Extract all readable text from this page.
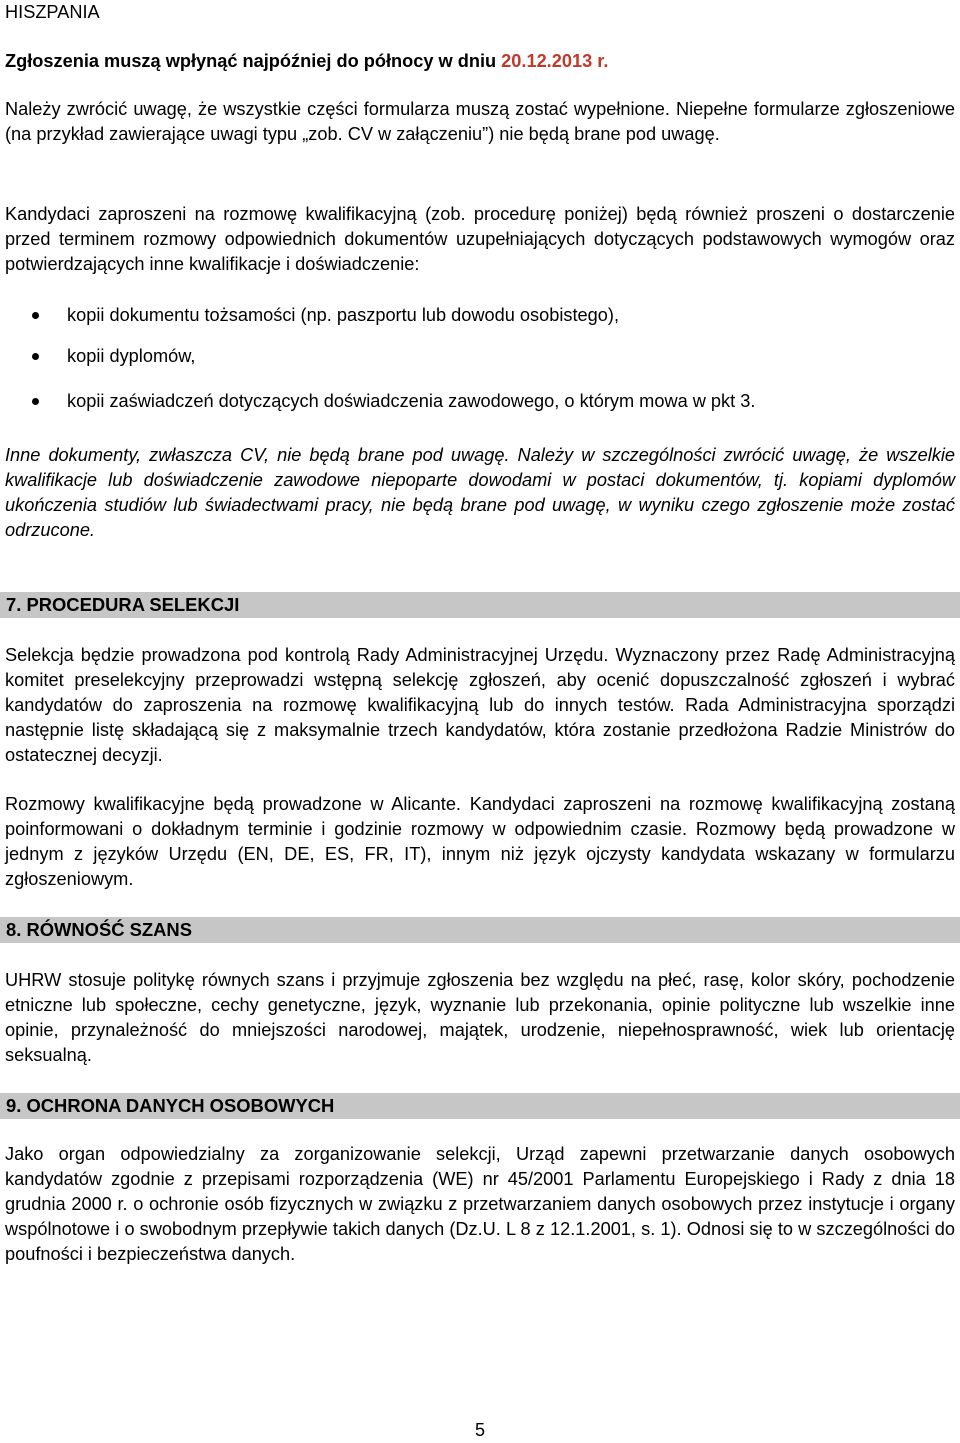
HISZPANIA
Zgłoszenia muszą wpłynąć najpóźniej do północy w dniu 20.12.2013 r.

Należy zwrócić uwagę, że wszystkie części formularza muszą zostać wypełnione. Niepełne formularze zgłoszeniowe (na przykład zawierające uwagi typu „zob. CV w załączeniu”) nie będą brane pod uwagę.

Kandydaci zaproszeni na rozmowę kwalifikacyjną (zob. procedurę poniżej) będą również proszeni o dostarczenie przed terminem rozmowy odpowiednich dokumentów uzupełniających dotyczących podstawowych wymogów oraz potwierdzających inne kwalifikacje i doświadczenie:

kopii dokumentu tożsamości (np. paszportu lub dowodu osobistego),
kopii dyplomów,
kopii zaświadczeń dotyczących doświadczenia zawodowego, o którym mowa w pkt 3.

Inne dokumenty, zwłaszcza CV, nie będą brane pod uwagę. Należy w szczególności zwrócić uwagę, że wszelkie kwalifikacje lub doświadczenie zawodowe niepoparte dowodami w postaci dokumentów, tj. kopiami dyplomów ukończenia studiów lub świadectwami pracy, nie będą brane pod uwagę, w wyniku czego zgłoszenie może zostać odrzucone.

7. PROCEDURA SELEKCJI

Selekcja będzie prowadzona pod kontrolą Rady Administracyjnej Urzędu. Wyznaczony przez Radę Administracyjną komitet preselekcyjny przeprowadzi wstępną selekcję zgłoszeń, aby ocenić dopuszczalność zgłoszeń i wybrać kandydatów do zaproszenia na rozmowę kwalifikacyjną lub do innych testów. Rada Administracyjna sporządzi następnie listę składającą się z maksymalnie trzech kandydatów, która zostanie przedłożona Radzie Ministrów do ostatecznej decyzji.

Rozmowy kwalifikacyjne będą prowadzone w Alicante. Kandydaci zaproszeni na rozmowę kwalifikacyjną zostaną poinformowani o dokładnym terminie i godzinie rozmowy w odpowiednim czasie. Rozmowy będą prowadzone w jednym z języków Urzędu (EN, DE, ES, FR, IT), innym niż język ojczysty kandydata wskazany w formularzu zgłoszeniowym.

8. RÓWNOŚĆ SZANS

UHRW stosuje politykę równych szans i przyjmuje zgłoszenia bez względu na płeć, rasę, kolor skóry, pochodzenie etniczne lub społeczne, cechy genetyczne, język, wyznanie lub przekonania, opinie polityczne lub wszelkie inne opinie, przynależność do mniejszości narodowej, majątek, urodzenie, niepełnosprawność, wiek lub orientację seksualną.

9. OCHRONA DANYCH OSOBOWYCH

Jako organ odpowiedzialny za zorganizowanie selekcji, Urząd zapewni przetwarzanie danych osobowych kandydatów zgodnie z przepisami rozporządzenia (WE) nr 45/2001 Parlamentu Europejskiego i Rady z dnia 18 grudnia 2000 r. o ochronie osób fizycznych w związku z przetwarzaniem danych osobowych przez instytucje i organy wspólnotowe i o swobodnym przepływie takich danych (Dz.U. L 8 z 12.1.2001, s. 1). Odnosi się to w szczególności do poufności i bezpieczeństwa danych.

5
